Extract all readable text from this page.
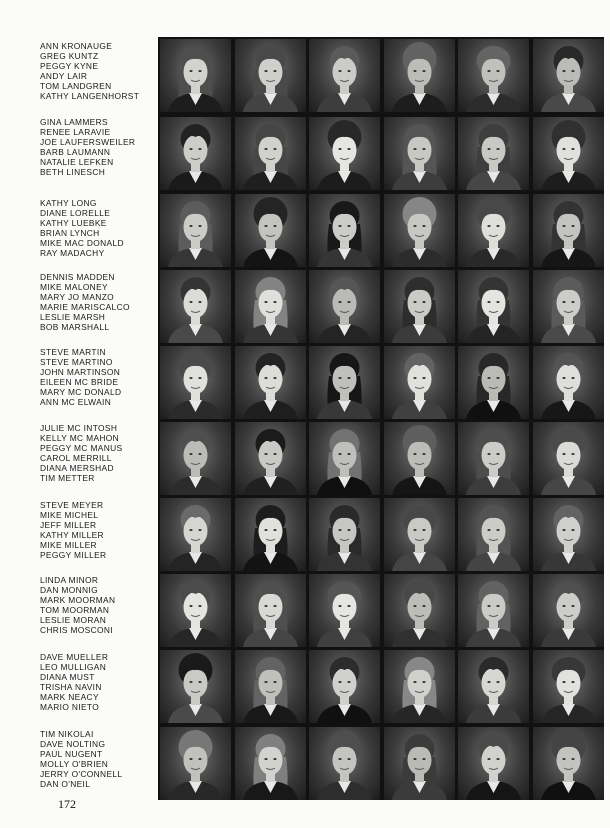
ANN KRONAUGE
GREG KUNTZ
PEGGY KYNE
ANDY LAIR
TOM LANDGREN
KATHY LANGENHORST
GINA LAMMERS
RENEE LARAVIE
JOE LAUFERSWEILER
BARB LAUMANN
NATALIE LEFKEN
BETH LINESCH
KATHY LONG
DIANE LORELLE
KATHY LUEBKE
BRIAN LYNCH
MIKE MAC DONALD
RAY MADACHY
DENNIS MADDEN
MIKE MALONEY
MARY JO MANZO
MARIE MARISCALCO
LESLIE MARSH
BOB MARSHALL
STEVE MARTIN
STEVE MARTINO
JOHN MARTINSON
EILEEN MC BRIDE
MARY MC DONALD
ANN MC ELWAIN
JULIE MC INTOSH
KELLY MC MAHON
PEGGY MC MANUS
CAROL MERRILL
DIANA MERSHAD
TIM METTER
STEVE MEYER
MIKE MICHEL
JEFF MILLER
KATHY MILLER
MIKE MILLER
PEGGY MILLER
LINDA MINOR
DAN MONNIG
MARK MOORMAN
TOM MOORMAN
LESLIE MORAN
CHRIS MOSCONI
DAVE MUELLER
LEO MULLIGAN
DIANA MUST
TRISHA NAVIN
MARK NEACY
MARIO NIETO
TIM NIKOLAI
DAVE NOLTING
PAUL NUGENT
MOLLY O'BRIEN
JERRY O'CONNELL
DAN O'NEIL
172
